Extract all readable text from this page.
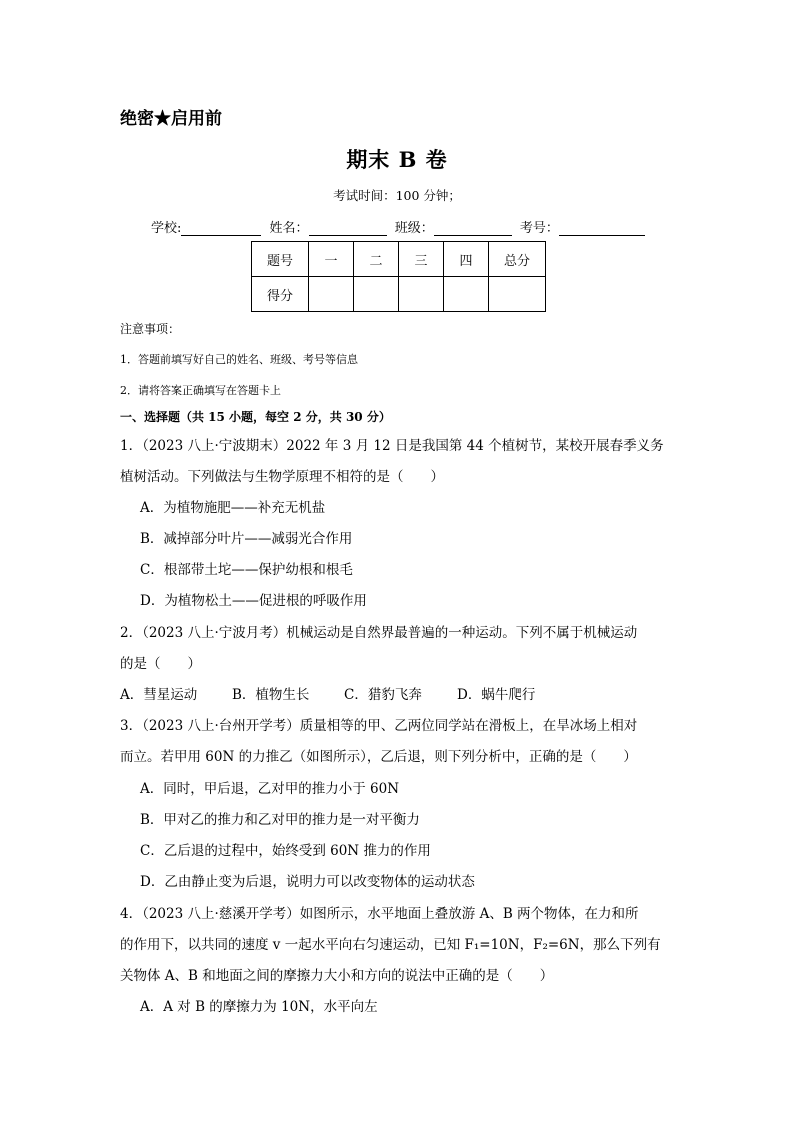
绝密★启用前
期末 B 卷
考试时间：100 分钟；
学校:	姓名：	班级：	考号：
题号	一	二	三	四	总分
得分					
注意事项：
1．答题前填写好自己的姓名、班级、考号等信息
2．请将答案正确填写在答题卡上
一、选择题（共 15 小题，每空 2 分，共 30 分）
1．（2023 八上·宁波期末）2022 年 3 月 12 日是我国第 44 个植树节，某校开展春季义务
植树活动。下列做法与生物学原理不相符的是（　　）
A．为植物施肥——补充无机盐
B．减掉部分叶片——减弱光合作用
C．根部带土坨——保护幼根和根毛
D．为植物松土——促进根的呼吸作用
2．（2023 八上·宁波月考）机械运动是自然界最普遍的一种运动。下列不属于机械运动
的是（　　）
A．彗星运动	B．植物生长	C．猎豹飞奔	D．蜗牛爬行
3．（2023 八上·台州开学考）质量相等的甲、乙两位同学站在滑板上，在旱冰场上相对
而立。若甲用 60N 的力推乙（如图所示），乙后退，则下列分析中，正确的是（　　）
A．同时，甲后退，乙对甲的推力小于 60N
B．甲对乙的推力和乙对甲的推力是一对平衡力
C．乙后退的过程中，始终受到 60N 推力的作用
D．乙由静止变为后退，说明力可以改变物体的运动状态
4．（2023 八上·慈溪开学考）如图所示，水平地面上叠放游 A、B 两个物体，在力和所
的作用下，以共同的速度 v 一起水平向右匀速运动，已知 F₁=10N，F₂=6N，那么下列有
关物体 A、B 和地面之间的摩擦力大小和方向的说法中正确的是（　　）
A．A 对 B 的摩擦力为 10N，水平向左
